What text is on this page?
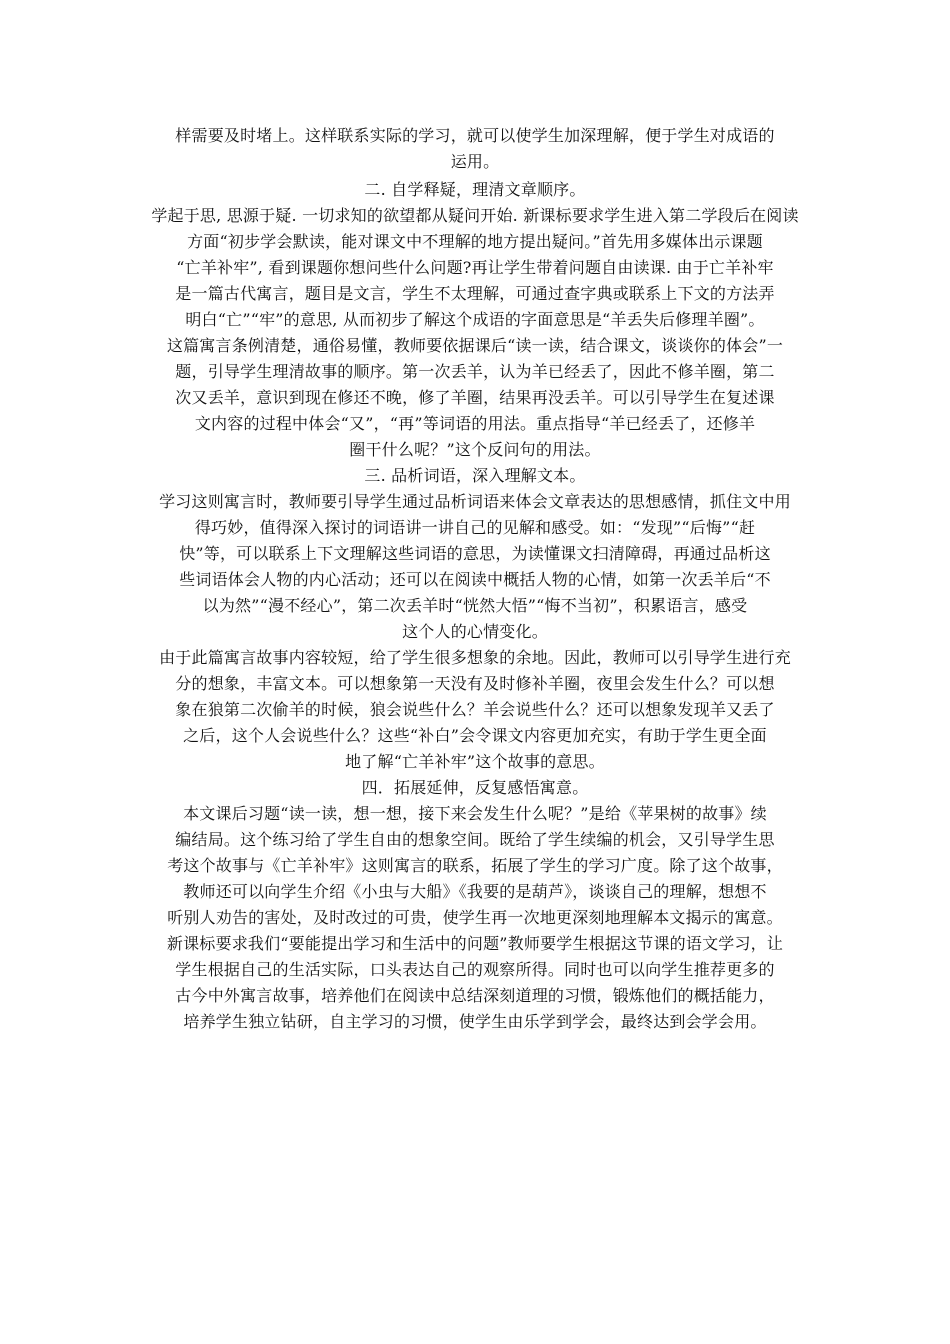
样需要及时堵上。这样联系实际的学习，就可以使学生加深理解，便于学生对成语的
运用。
二. 自学释疑，理清文章顺序。
学起于思, 思源于疑. 一切求知的欲望都从疑问开始. 新课标要求学生进入第二学段后在阅读
方面“初步学会默读，能对课文中不理解的地方提出疑问。”首先用多媒体出示课题
“亡羊补牢”, 看到课题你想问些什么问题?再让学生带着问题自由读课. 由于亡羊补牢
是一篇古代寓言，题目是文言，学生不太理解，可通过查字典或联系上下文的方法弄
明白“亡”“牢”的意思, 从而初步了解这个成语的字面意思是“羊丢失后修理羊圈”。
这篇寓言条例清楚，通俗易懂，教师要依据课后“读一读，结合课文，谈谈你的体会”一
题，引导学生理清故事的顺序。第一次丢羊，认为羊已经丢了，因此不修羊圈，第二
次又丢羊，意识到现在修还不晚，修了羊圈，结果再没丢羊。可以引导学生在复述课
文内容的过程中体会“又”，“再”等词语的用法。重点指导“羊已经丢了，还修羊
圈干什么呢？”这个反问句的用法。
三. 品析词语，深入理解文本。
学习这则寓言时，教师要引导学生通过品析词语来体会文章表达的思想感情，抓住文中用
得巧妙，值得深入探讨的词语讲一讲自己的见解和感受。如：“发现”“后悔”“赶
快”等，可以联系上下文理解这些词语的意思，为读懂课文扫清障碍，再通过品析这
些词语体会人物的内心活动；还可以在阅读中概括人物的心情，如第一次丢羊后“不
以为然”“漫不经心”，第二次丢羊时“恍然大悟”“悔不当初”，积累语言，感受
这个人的心情变化。
由于此篇寓言故事内容较短，给了学生很多想象的余地。因此，教师可以引导学生进行充
分的想象，丰富文本。可以想象第一天没有及时修补羊圈，夜里会发生什么？可以想
象在狼第二次偷羊的时候，狼会说些什么？羊会说些什么？还可以想象发现羊又丢了
之后，这个人会说些什么？这些“补白”会令课文内容更加充实，有助于学生更全面
地了解“亡羊补牢”这个故事的意思。
四．拓展延伸，反复感悟寓意。
本文课后习题“读一读，想一想，接下来会发生什么呢？”是给《苹果树的故事》续
编结局。这个练习给了学生自由的想象空间。既给了学生续编的机会，又引导学生思
考这个故事与《亡羊补牢》这则寓言的联系，拓展了学生的学习广度。除了这个故事，
教师还可以向学生介绍《小虫与大船》《我要的是葫芦》，谈谈自己的理解，想想不
听别人劝告的害处，及时改过的可贵，使学生再一次地更深刻地理解本文揭示的寓意。
新课标要求我们“要能提出学习和生活中的问题”教师要学生根据这节课的语文学习，让
学生根据自己的生活实际，口头表达自己的观察所得。同时也可以向学生推荐更多的
古今中外寓言故事，培养他们在阅读中总结深刻道理的习惯，锻炼他们的概括能力，
培养学生独立钻研，自主学习的习惯，使学生由乐学到学会，最终达到会学会用。
